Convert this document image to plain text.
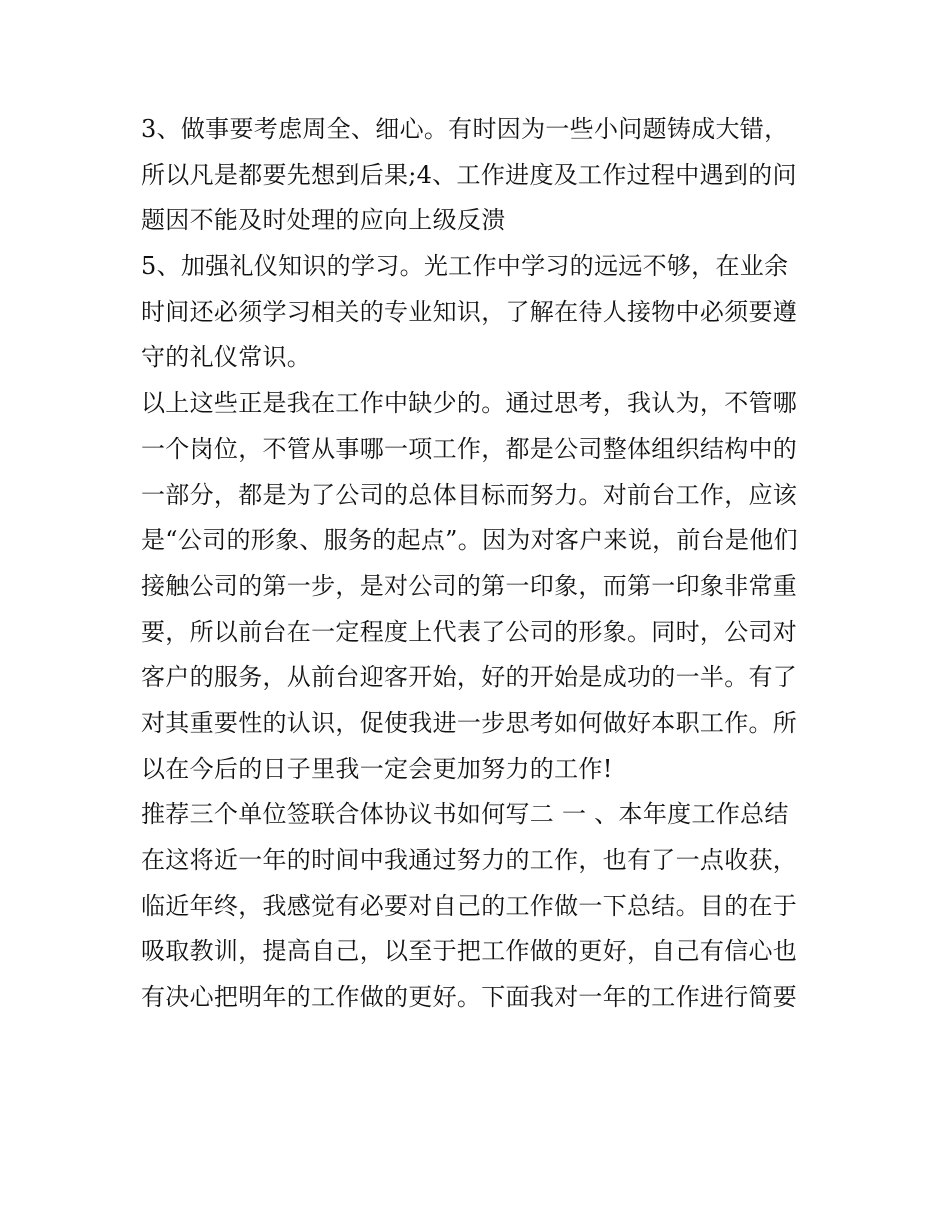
3、做事要考虑周全、细心。有时因为一些小问题铸成大错，
所以凡是都要先想到后果;4、工作进度及工作过程中遇到的问
题因不能及时处理的应向上级反溃
5、加强礼仪知识的学习。光工作中学习的远远不够，在业余
时间还必须学习相关的专业知识，了解在待人接物中必须要遵
守的礼仪常识。
以上这些正是我在工作中缺少的。通过思考，我认为，不管哪
一个岗位，不管从事哪一项工作，都是公司整体组织结构中的
一部分，都是为了公司的总体目标而努力。对前台工作，应该
是“公司的形象、服务的起点”。因为对客户来说，前台是他们
接触公司的第一步，是对公司的第一印象，而第一印象非常重
要，所以前台在一定程度上代表了公司的形象。同时，公司对
客户的服务，从前台迎客开始，好的开始是成功的一半。有了
对其重要性的认识，促使我进一步思考如何做好本职工作。所
以在今后的日子里我一定会更加努力的工作!
推荐三个单位签联合体协议书如何写二 一 、本年度工作总结
在这将近一年的时间中我通过努力的工作，也有了一点收获，
临近年终，我感觉有必要对自己的工作做一下总结。目的在于
吸取教训，提高自己，以至于把工作做的更好，自己有信心也
有决心把明年的工作做的更好。下面我对一年的工作进行简要
